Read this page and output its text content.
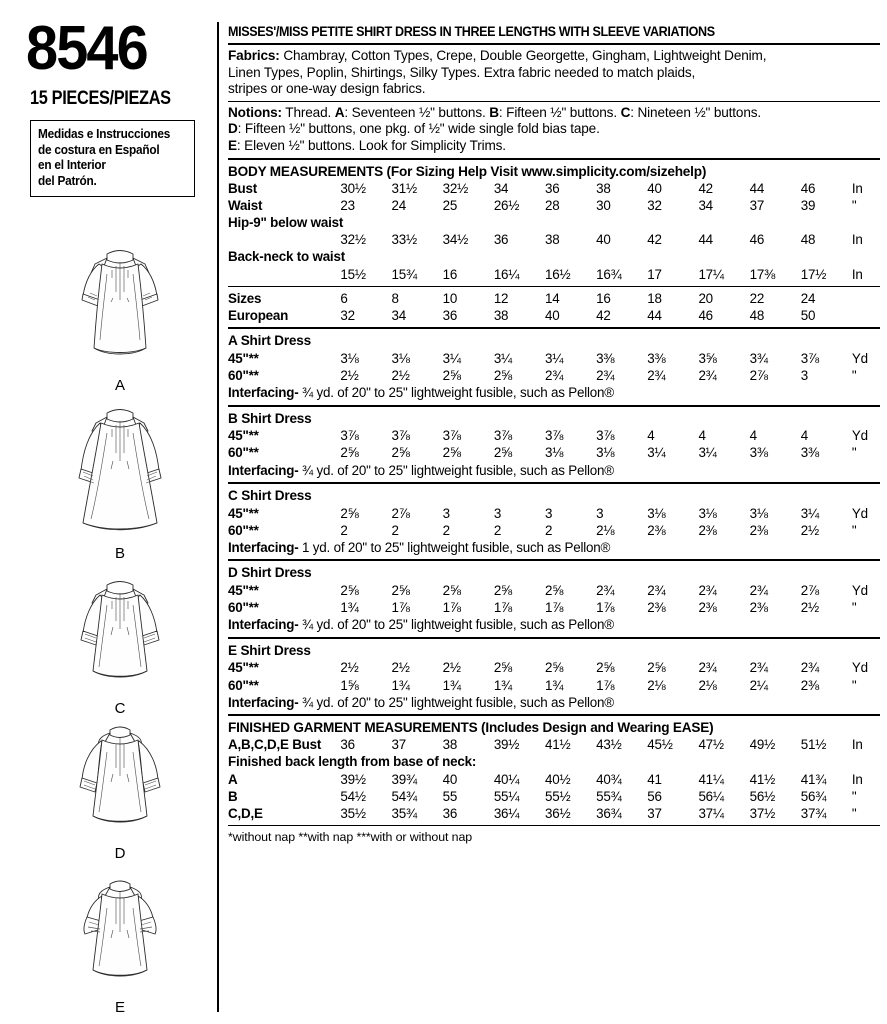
8546
15 PIECES/PIEZAS
Medidas e Instrucciones
de costura en Español
en el Interior
del Patrón.
A
B
C
D
E
MISSES'/MISS PETITE SHIRT DRESS IN THREE LENGTHS WITH SLEEVE VARIATIONS
Fabrics: Chambray, Cotton Types, Crepe, Double Georgette, Gingham, Lightweight Denim,
Linen Types, Poplin, Shirtings, Silky Types. Extra fabric needed to match plaids,
stripes or one-way design fabrics.
Notions: Thread. A: Seventeen ½" buttons. B: Fifteen ½" buttons. C: Nineteen ½" buttons.
D: Fifteen ½" buttons, one pkg. of ½" wide single fold bias tape.
E: Eleven ½" buttons. Look for Simplicity Trims.
BODY MEASUREMENTS (For Sizing Help Visit www.simplicity.com/sizehelp)
Bust	30½	31½	32½	34	36	38	40	42	44	46	In
Waist	23	24	25	26½	28	30	32	34	37	39	"
Hip-9" below waist											
	32½	33½	34½	36	38	40	42	44	46	48	In
Back-neck to waist											
	15½	15¾	16	16¼	16½	16¾	17	17¼	17⅜	17½	In
Sizes	6	8	10	12	14	16	18	20	22	24	
European	32	34	36	38	40	42	44	46	48	50	
A Shirt Dress
45"**	3⅛	3⅛	3¼	3¼	3¼	3⅜	3⅜	3⅝	3¾	3⅞	Yd
60"**	2½	2½	2⅝	2⅝	2¾	2¾	2¾	2¾	2⅞	3	"
Interfacing- ¾ yd. of 20" to 25" lightweight fusible, such as Pellon®
B Shirt Dress
45"**	3⅞	3⅞	3⅞	3⅞	3⅞	3⅞	4	4	4	4	Yd
60"**	2⅝	2⅝	2⅝	2⅝	3⅛	3⅛	3¼	3¼	3⅜	3⅜	"
Interfacing- ¾ yd. of 20" to 25" lightweight fusible, such as Pellon®
C Shirt Dress
45"**	2⅝	2⅞	3	3	3	3	3⅛	3⅛	3⅛	3¼	Yd
60"**	2	2	2	2	2	2⅛	2⅜	2⅜	2⅜	2½	"
Interfacing- 1 yd. of 20" to 25" lightweight fusible, such as Pellon®
D Shirt Dress
45"**	2⅝	2⅝	2⅝	2⅝	2⅝	2¾	2¾	2¾	2¾	2⅞	Yd
60"**	1¾	1⅞	1⅞	1⅞	1⅞	1⅞	2⅜	2⅜	2⅜	2½	"
Interfacing- ¾ yd. of 20" to 25" lightweight fusible, such as Pellon®
E Shirt Dress
45"**	2½	2½	2½	2⅝	2⅝	2⅝	2⅝	2¾	2¾	2¾	Yd
60"**	1⅝	1¾	1¾	1¾	1¾	1⅞	2⅛	2⅛	2¼	2⅜	"
Interfacing- ¾ yd. of 20" to 25" lightweight fusible, such as Pellon®
FINISHED GARMENT MEASUREMENTS (Includes Design and Wearing EASE)
A,B,C,D,E Bust	36	37	38	39½	41½	43½	45½	47½	49½	51½	In
Finished back length from base of neck:											
A	39½	39¾	40	40¼	40½	40¾	41	41¼	41½	41¾	In
B	54½	54¾	55	55¼	55½	55¾	56	56¼	56½	56¾	"
C,D,E	35½	35¾	36	36¼	36½	36¾	37	37¼	37½	37¾	"
*without nap **with nap ***with or without nap
